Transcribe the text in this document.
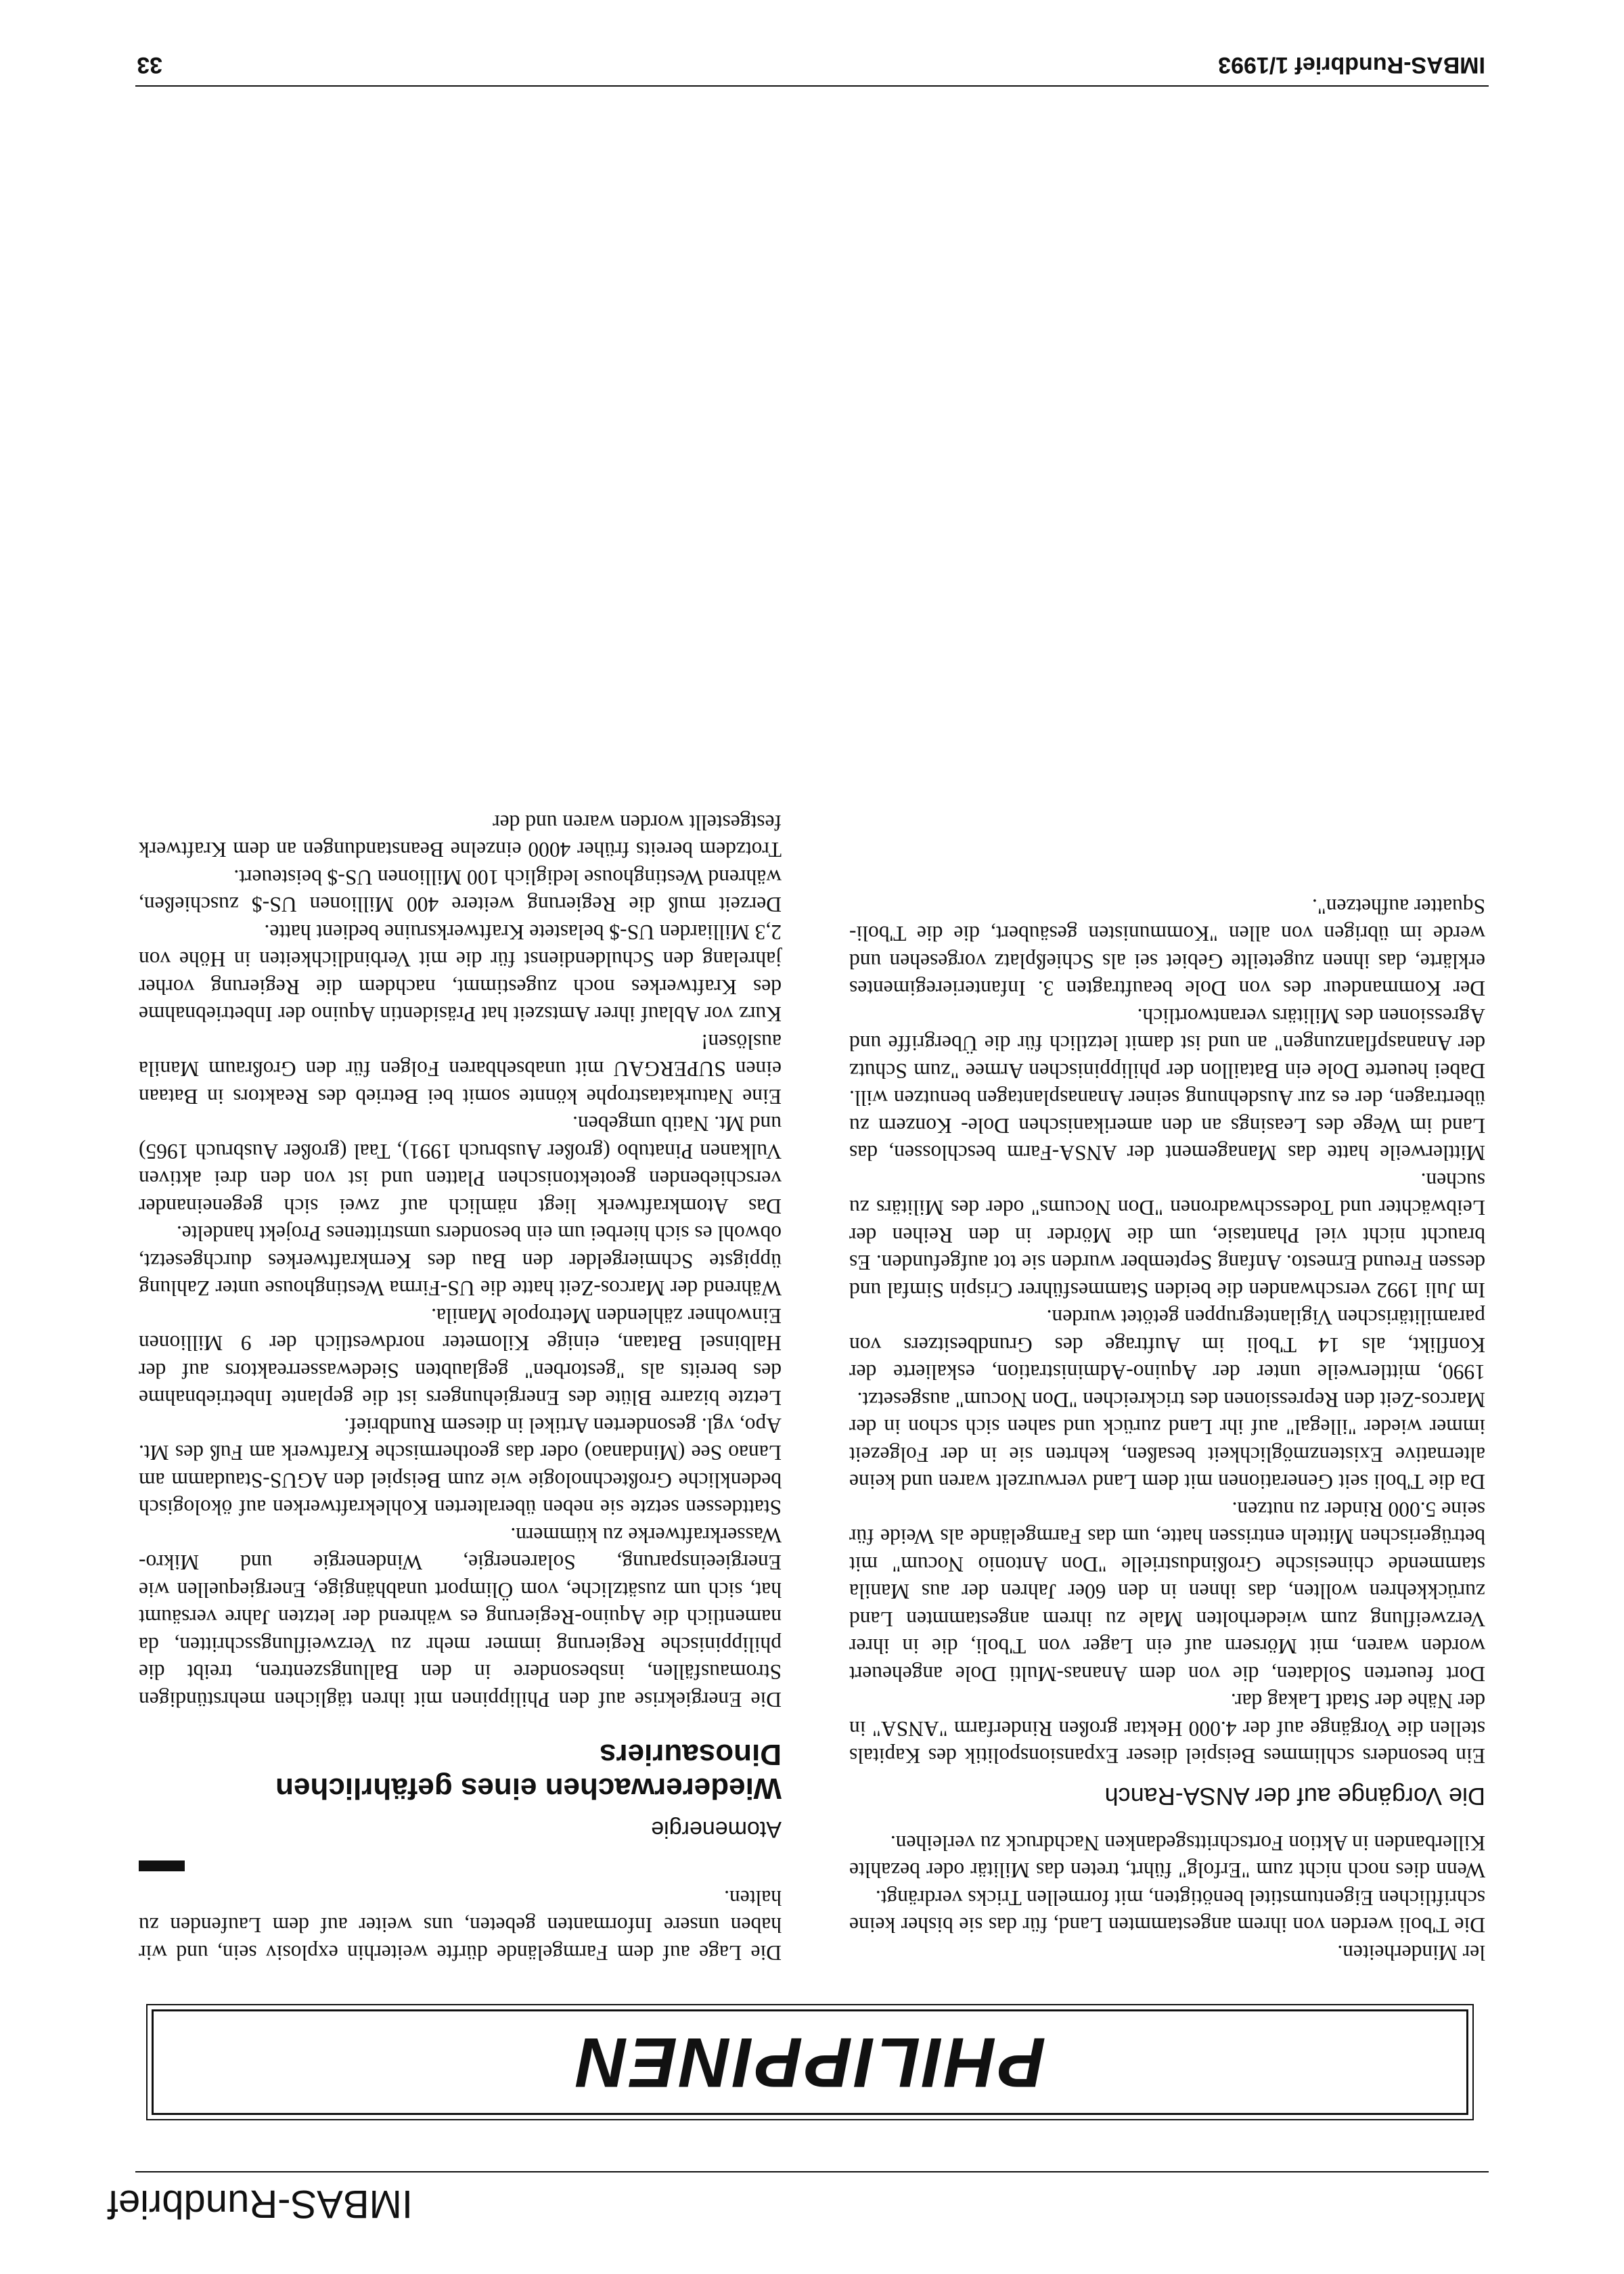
IMBAS-Rundbrief 1/1993
33
IMBAS-Rundbrief
PHILIPPINEN

ler Minderheiten.

Die T'boli werden von ihrem angestammten Land, für das sie bisher keine schriftlichen Eigentumstitel benötigten, mit formellen Tricks verdrängt.

Wenn dies noch nicht zum "Erfolg" führt, treten das Militär oder bezahlte Killerbanden in Aktion Fortschrittsgedanken Nachdruck zu verleihen.

Die Vorgänge auf der ANSA-Ranch

Ein besonders schlimmes Beispiel dieser Expansionspolitik des Kapitals stellen die Vorgänge auf der 4.000 Hektar großen Rinderfarm "ANSA" in der Nähe der Stadt Lakag dar.

Dort feuerten Soldaten, die von dem Ananas-Multi Dole angeheuert worden waren, mit Mörsern auf ein Lager von T'boli, die in ihrer Verzweiflung zum wiederholten Male zu ihrem angestammten Land zurückkehren wollten, das ihnen in den 60er Jahren der aus Manila stammende chinesische Großindustrielle "Don Antonio Nocum" mit betrügerischen Mitteln entrissen hatte, um das Farmgelände als Weide für seine 5.000 Rinder zu nutzen.

Da die T'boli seit Generationen mit dem Land verwurzelt waren und keine alternative Existenzmöglichkeit besaßen, kehrten sie in der Folgezeit immer wieder "illegal" auf ihr Land zurück und sahen sich schon in der Marcos-Zeit den Repressionen des trickreichen "Don Nocum" ausgesetzt.

1990, mittlerweile unter der Aquino-Administration, eskalierte der Konflikt, als 14 T'boli im Auftrage des Grundbesitzers von paramilitärischen Vigilantegruppen getötet wurden.

Im Juli 1992 verschwanden die beiden Stammesführer Crispin Simfal und dessen Freund Ernesto. Anfang September wurden sie tot aufgefunden. Es braucht nicht viel Phantasie, um die Mörder in den Reihen der Leibwächter und Todesschwadronen "Don Nocums" oder des Militärs zu suchen.

Mittlerweile hatte das Management der ANSA-Farm beschlossen, das Land im Wege des Leasings an den amerikanischen Dole- Konzern zu übertragen, der es zur Ausdehnung seiner Ananasplantagen benutzen will. Dabei heuerte Dole ein Bataillon der philippinischen Armee "zum Schutz der Ananaspflanzungen" an und ist damit letztlich für die Übergriffe und Agressionen des Militärs verantwortlich.

Der Kommandeur des von Dole beauftragten 3. Infanterieregimentes erklärte, das ihnen zugeteilte Gebiet sei als Schießplatz vorgesehen und werde im übrigen von allen "Kommunisten gesäubert, die die T'boli-Squatter aufhetzen".

Die Lage auf dem Farmgelände dürfte weiterhin explosiv sein, und wir haben unsere Informanten gebeten, uns weiter auf dem Laufenden zu halten.

Atomenergie
Wiedererwachen eines gefährlichen Dinosauriers

Die Energiekrise auf den Philippinen mit ihren täglichen mehrstündigen Stromausfällen, insbesondere in den Ballungszentren, treibt die philippinische Regierung immer mehr zu Verzweiflungsschritten, da namentlich die Aquino-Regierung es während der letzten Jahre versäumt hat, sich um zusätzliche, vom Ölimport unabhängige, Energiequellen wie Energieeinsparung, Solarenergie, Windenergie und Mikro-Wasserkraftwerke zu kümmern.

Stattdessen setzte sie neben überalterten Kohlekraftwerken auf ökologisch bedenkliche Großtechnologie wie zum Beispiel den AGUS-Staudamm am Lanao See (Mindanao) oder das geothermische Kraftwerk am Fuß des Mt. Apo, vgl. gesonderten Artikel in diesem Rundbrief.

Letzte bizarre Blüte des Energiehungers ist die geplante Inbetriebnahme des bereits als "gestorben" geglaubten Siedewasserreaktors auf der Halbinsel Bataan, einige Kilometer nordwestlich der 9 Millionen Einwohner zählenden Metropole Manila.

Während der Marcos-Zeit hatte die US-Firma Westinghouse unter Zahlung üppigste Schmiergelder den Bau des Kernkraftwerkes durchgesetzt, obwohl es sich hierbei um ein besonders umstrittenes Projekt handelte.

Das Atomkraftwerk liegt nämlich auf zwei sich gegeneinander verschiebenden geotektonischen Platten und ist von den drei aktiven Vulkanen Pinatubo (großer Ausbruch 1991), Taal (großer Ausbruch 1965) und Mt. Natib umgeben.

Eine Naturkatastrophe könnte somit bei Betrieb des Reaktors in Bataan einen SUPERGAU mit unabsehbaren Folgen für den Großraum Manila auslösen!

Kurz vor Ablauf ihrer Amtszeit hat Präsidentin Aquino der Inbetriebnahme des Kraftwerkes noch zugestimmt, nachdem die Regierung vorher jahrelang den Schuldendienst für die mit Verbindlichkeiten in Höhe von 2,3 Milliarden US-$ belastete Kraftwerksruine bedient hatte.

Derzeit muß die Regierung weitere 400 Millionen US-$ zuschießen, während Westinghouse lediglich 100 Millionen US-$ beisteuert.

Trotzdem bereits früher 4000 einzelne Beanstandungen an dem Kraftwerk festgestellt worden waren und der
